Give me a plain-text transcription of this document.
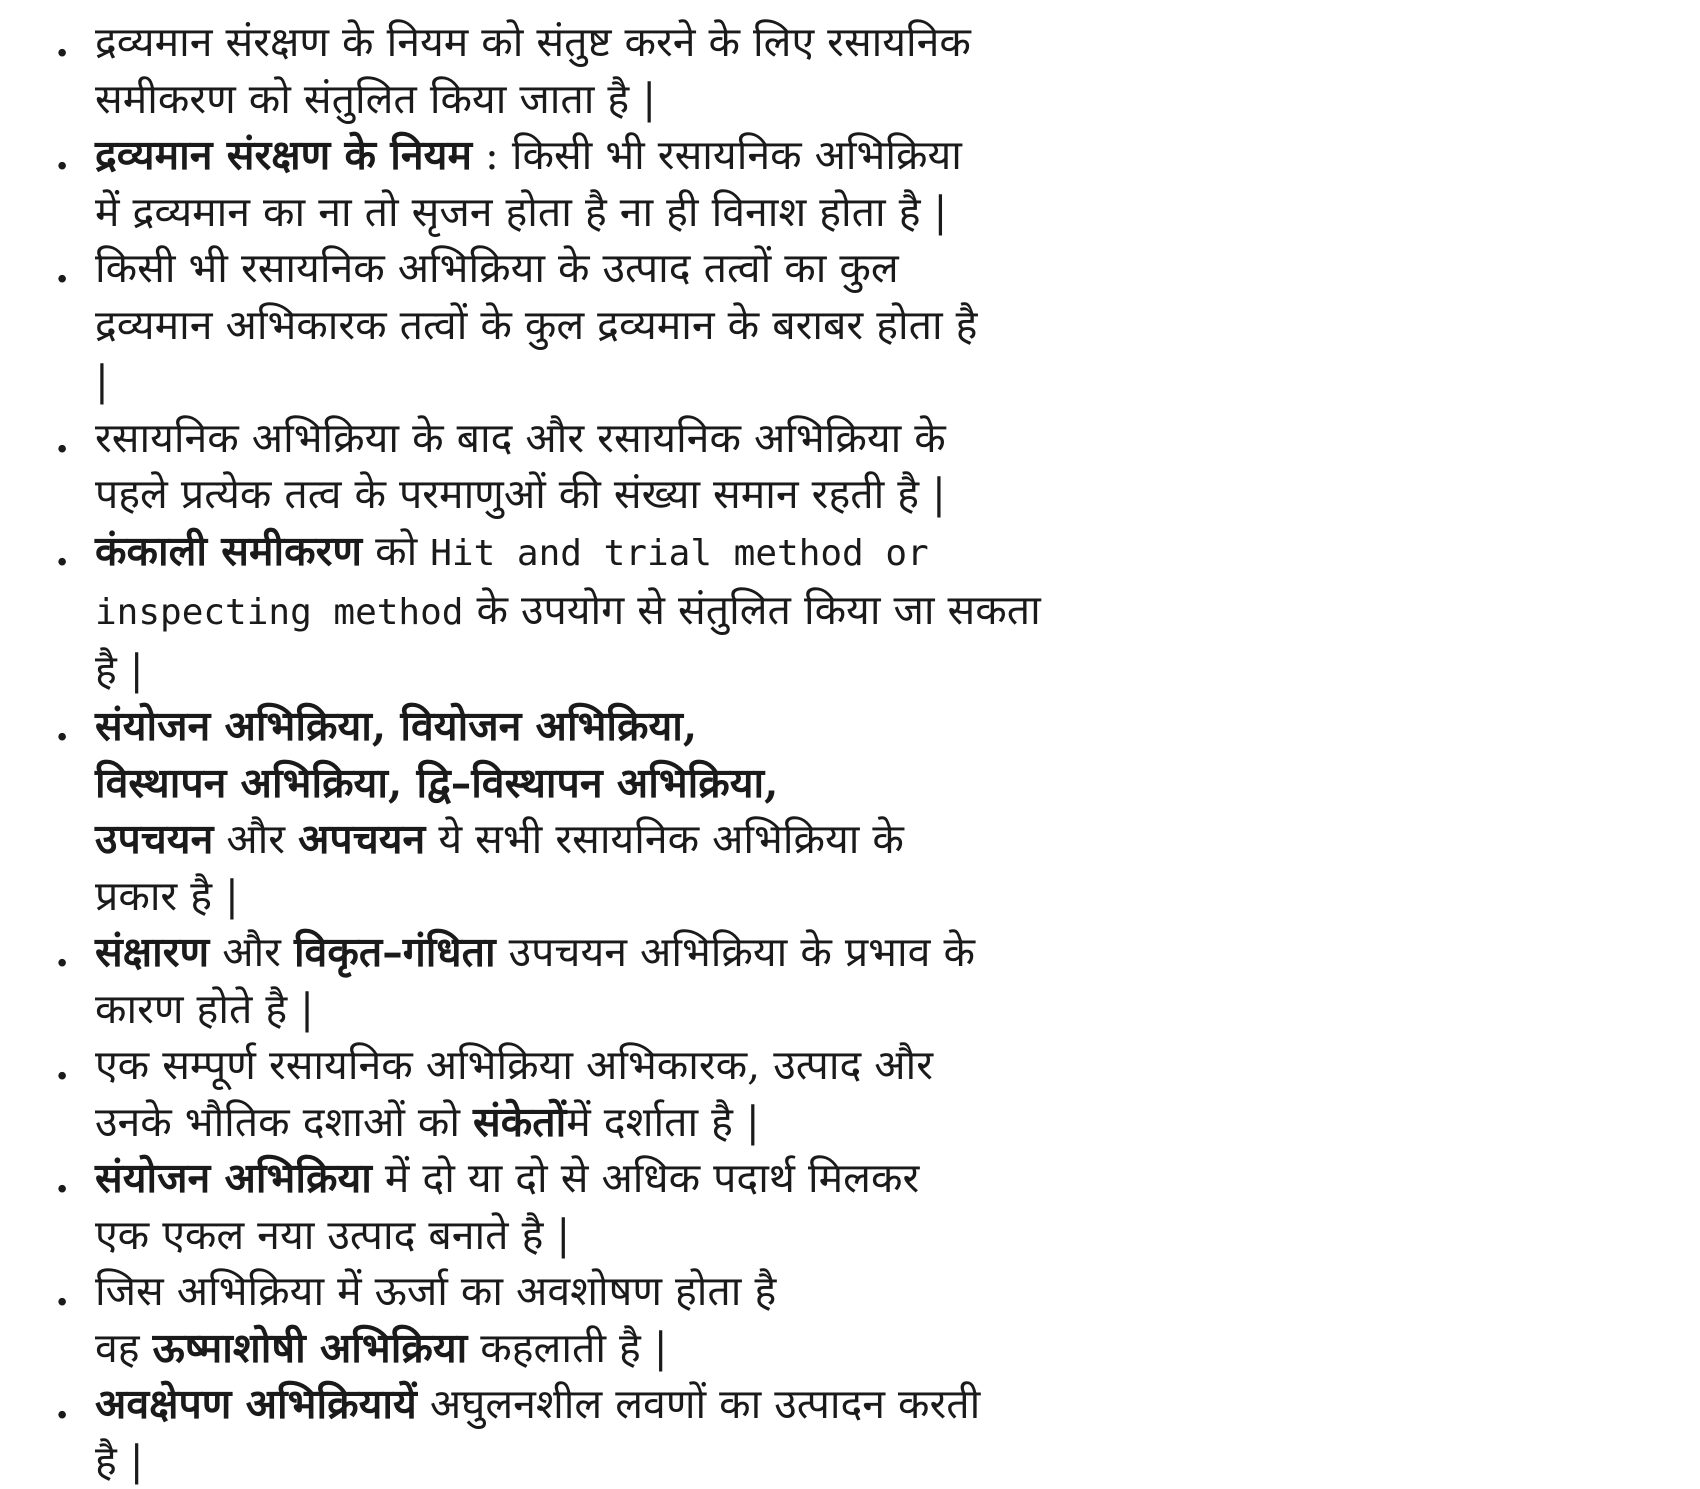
. द्रव्यमान संरक्षण के नियम को संतुष्ट करने के लिए रसायनिक
समीकरण को संतुलित किया जाता है |
. द्रव्यमान संरक्षण के नियम : किसी भी रसायनिक अभिक्रिया
में द्रव्यमान का ना तो सृजन होता है ना ही विनाश होता है |
. किसी भी रसायनिक अभिक्रिया के उत्पाद तत्वों का कुल
द्रव्यमान अभिकारक तत्वों के कुल द्रव्यमान के बराबर होता है
|
. रसायनिक अभिक्रिया के बाद और रसायनिक अभिक्रिया के
पहले प्रत्येक तत्व के परमाणुओं की संख्या समान रहती है |
. कंकाली समीकरण को Hit and trial method or
inspecting method के उपयोग से संतुलित किया जा सकता
है |
. संयोजन अभिक्रिया, वियोजन अभिक्रिया,
विस्थापन अभिक्रिया, द्वि–विस्थापन अभिक्रिया,
उपचयन और अपचयन ये सभी रसायनिक अभिक्रिया के
प्रकार है |
. संक्षारण और विकृत–गंधिता उपचयन अभिक्रिया के प्रभाव के
कारण होते है |
. एक सम्पूर्ण रसायनिक अभिक्रिया अभिकारक, उत्पाद और
उनके भौतिक दशाओं को संकेतोंमें दर्शाता है |
. संयोजन अभिक्रिया में दो या दो से अधिक पदार्थ मिलकर
एक एकल नया उत्पाद बनाते है |
. जिस अभिक्रिया में ऊर्जा का अवशोषण होता है
वह ऊष्माशोषी अभिक्रिया कहलाती है |
. अवक्षेपण अभिक्रियायें अघुलनशील लवणों का उत्पादन करती
है |
